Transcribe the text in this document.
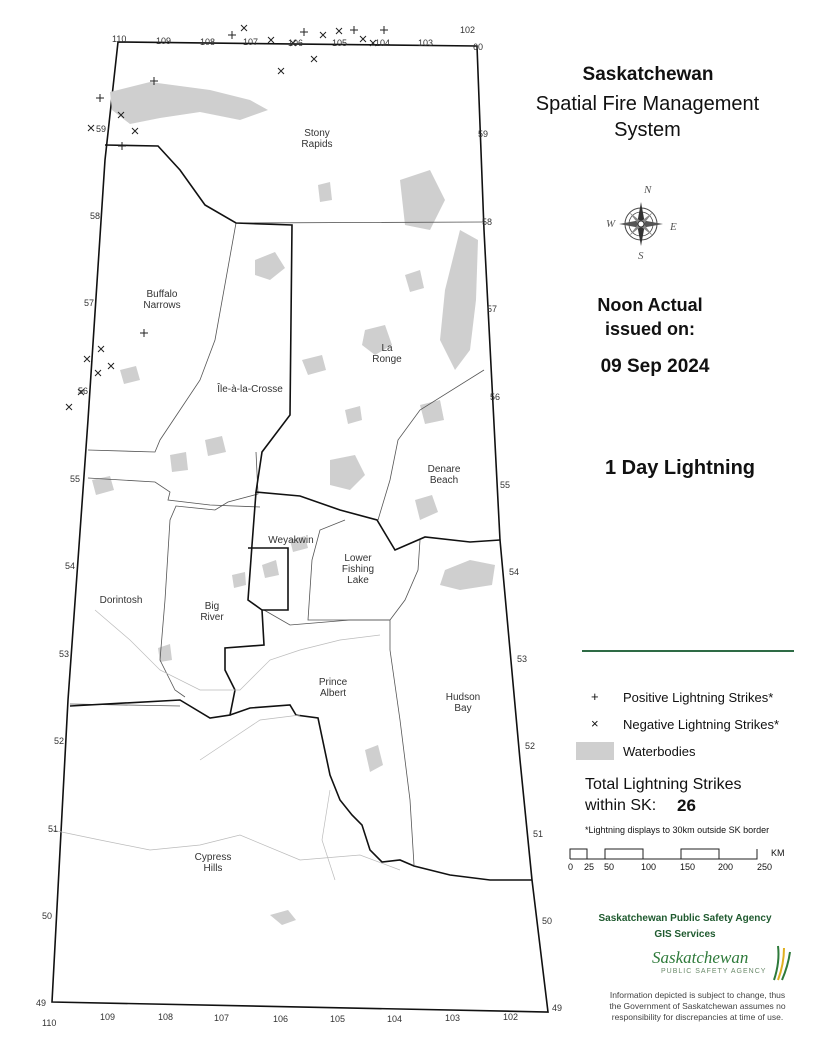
Stony
Rapids
Buffalo
Narrows
La
Ronge
Île-à-la-Crosse
Denare
Beach
Weyakwin
Lower
Fishing
Lake
Dorintosh
Big
River
Prince
Albert	Hudson
Bay
Cypress
Hills
110	109	108	107	106	105	104	103
102
110
109	108	107	106	105	104	103	102
59
58
57
56
55
54
53
52
51
50
49
60
59
58
57
56
55
54
53
52
51
50
49
Saskatchewan
Spatial Fire Management
System
N
S
W	E
Noon Actual
issued on:
09 Sep 2024
1 Day Lightning
+ Positive Lightning Strikes*
× Negative Lightning Strikes*
Waterbodies
Total Lightning Strikes
within SK: 26
*Lightning displays to 30km outside SK border
0 25 50	100	150	200	250
KM
Saskatchewan Public Safety Agency
GIS Services
Saskatchewan
PUBLIC SAFETY AGENCY
Information depicted is subject to change, thus
the Government of Saskatchewan assumes no
responsibility for discrepancies at time of use.
